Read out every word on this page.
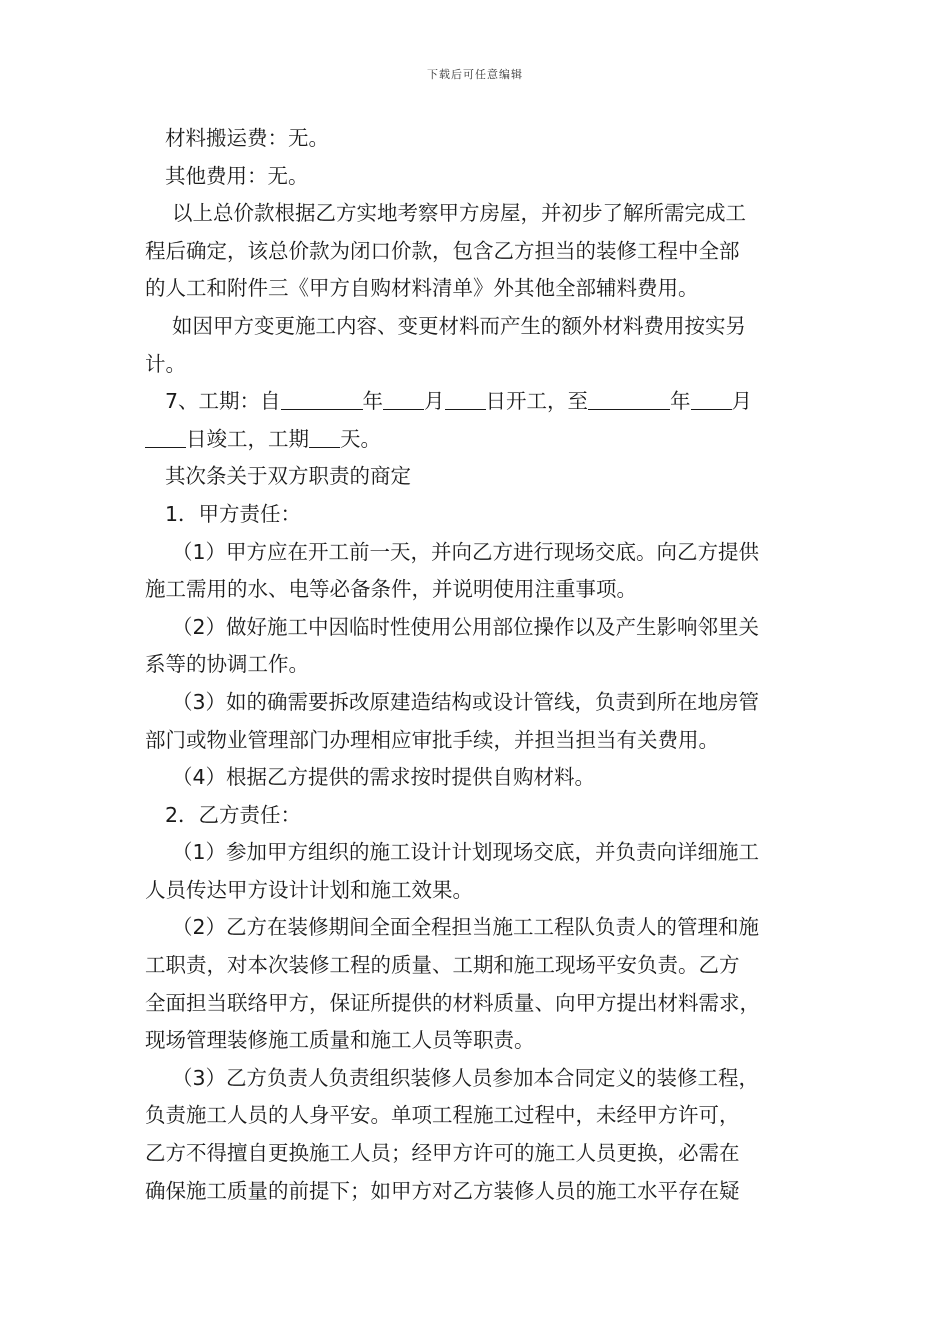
下载后可任意编辑
材料搬运费：无。
其他费用：无。
以上总价款根据乙方实地考察甲方房屋，并初步了解所需完成工
程后确定，该总价款为闭口价款，包含乙方担当的装修工程中全部
的人工和附件三《甲方自购材料清单》外其他全部辅料费用。
如因甲方变更施工内容、变更材料而产生的额外材料费用按实另
计。
7、工期：自	年 月 日开工，至	年 月
日竣工，工期 天。
其次条关于双方职责的商定
1．甲方责任：
（1）甲方应在开工前一天，并向乙方进行现场交底。向乙方提供
施工需用的水、电等必备条件，并说明使用注重事项。
（2）做好施工中因临时性使用公用部位操作以及产生影响邻里关
系等的协调工作。
（3）如的确需要拆改原建造结构或设计管线，负责到所在地房管
部门或物业管理部门办理相应审批手续，并担当担当有关费用。
（4）根据乙方提供的需求按时提供自购材料。
2．乙方责任：
（1）参加甲方组织的施工设计计划现场交底，并负责向详细施工
人员传达甲方设计计划和施工效果。
（2）乙方在装修期间全面全程担当施工工程队负责人的管理和施
工职责，对本次装修工程的质量、工期和施工现场平安负责。乙方
全面担当联络甲方，保证所提供的材料质量、向甲方提出材料需求，
现场管理装修施工质量和施工人员等职责。
（3）乙方负责人负责组织装修人员参加本合同定义的装修工程，
负责施工人员的人身平安。单项工程施工过程中，未经甲方许可，
乙方不得擅自更换施工人员；经甲方许可的施工人员更换，必需在
确保施工质量的前提下；如甲方对乙方装修人员的施工水平存在疑
